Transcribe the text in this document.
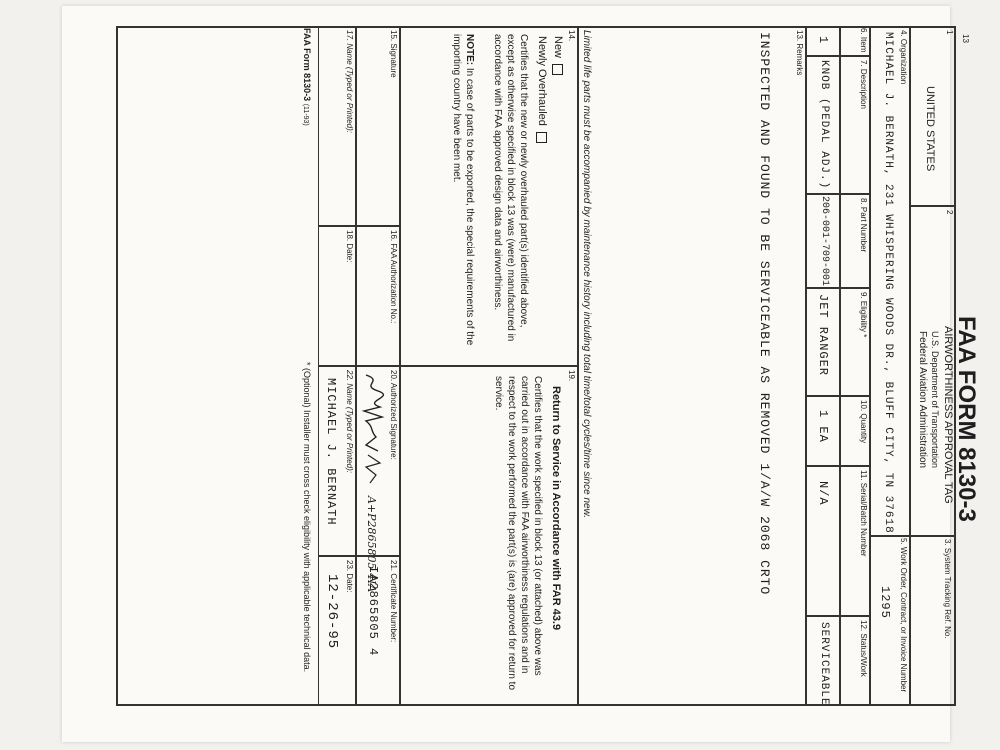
13
1
UNITED STATES
2
FAA FORM 8130-3
AIRWORTHINESS APPROVAL TAG
U.S. Department of Transportation
Federal Aviation Administration
3. System Tracking Ref. No.
4. Organization
MICHAEL J. BERNATH, 231 WHISPERING WOODS DR., BLUFF CITY, TN 37618
5. Work Order, Contract, or Invoice Number
1295
6. Item
7. Description
8. Part Number
9. Eligibility *
10. Quantity
11. Serial/Batch Number
12. Status/Work
1
KNOB (PEDAL ADJ.)
206-001-709-001
JET RANGER
1 EA
N/A
SERVICEABLE
13. Remarks
INSPECTED AND FOUND TO BE SERVICEABLE AS REMOVED 1/A/W 2068 CRTO
Limited life parts must be accompanied by maintenance history including total time/total cycles/time since new.
14.
New
Newly Overhauled
Certifies that the new or newly overhauled part(s) identified above, except as otherwise specified in block 13 was (were) manufactured in accordance with FAA approved design data and airworthiness.
NOTE: In case of parts to be exported, the special requirements of the importing country have been met.
19.
Return to Service in Accordance with FAR 43.9
Certifies that the work specified in block 13 (or attached) above was carried out in accordance with FAA airworthiness regulations and in respect to the work performed the part(s) is (are) approved for return to service.
15. Signature
16. FAA Authorization No.:
20. Authorized Signature:
A+P2865805 4IA
21. Certificate Number:
IA2865805 4
17. Name (Typed or Printed):
18. Date:
22. Name (Typed or Printed):
MICHAEL J. BERNATH
23. Date:
12-26-95
FAA Form 8130-3 (11-93)
* (Optional) Installer must cross check eligibility with applicable technical data.
